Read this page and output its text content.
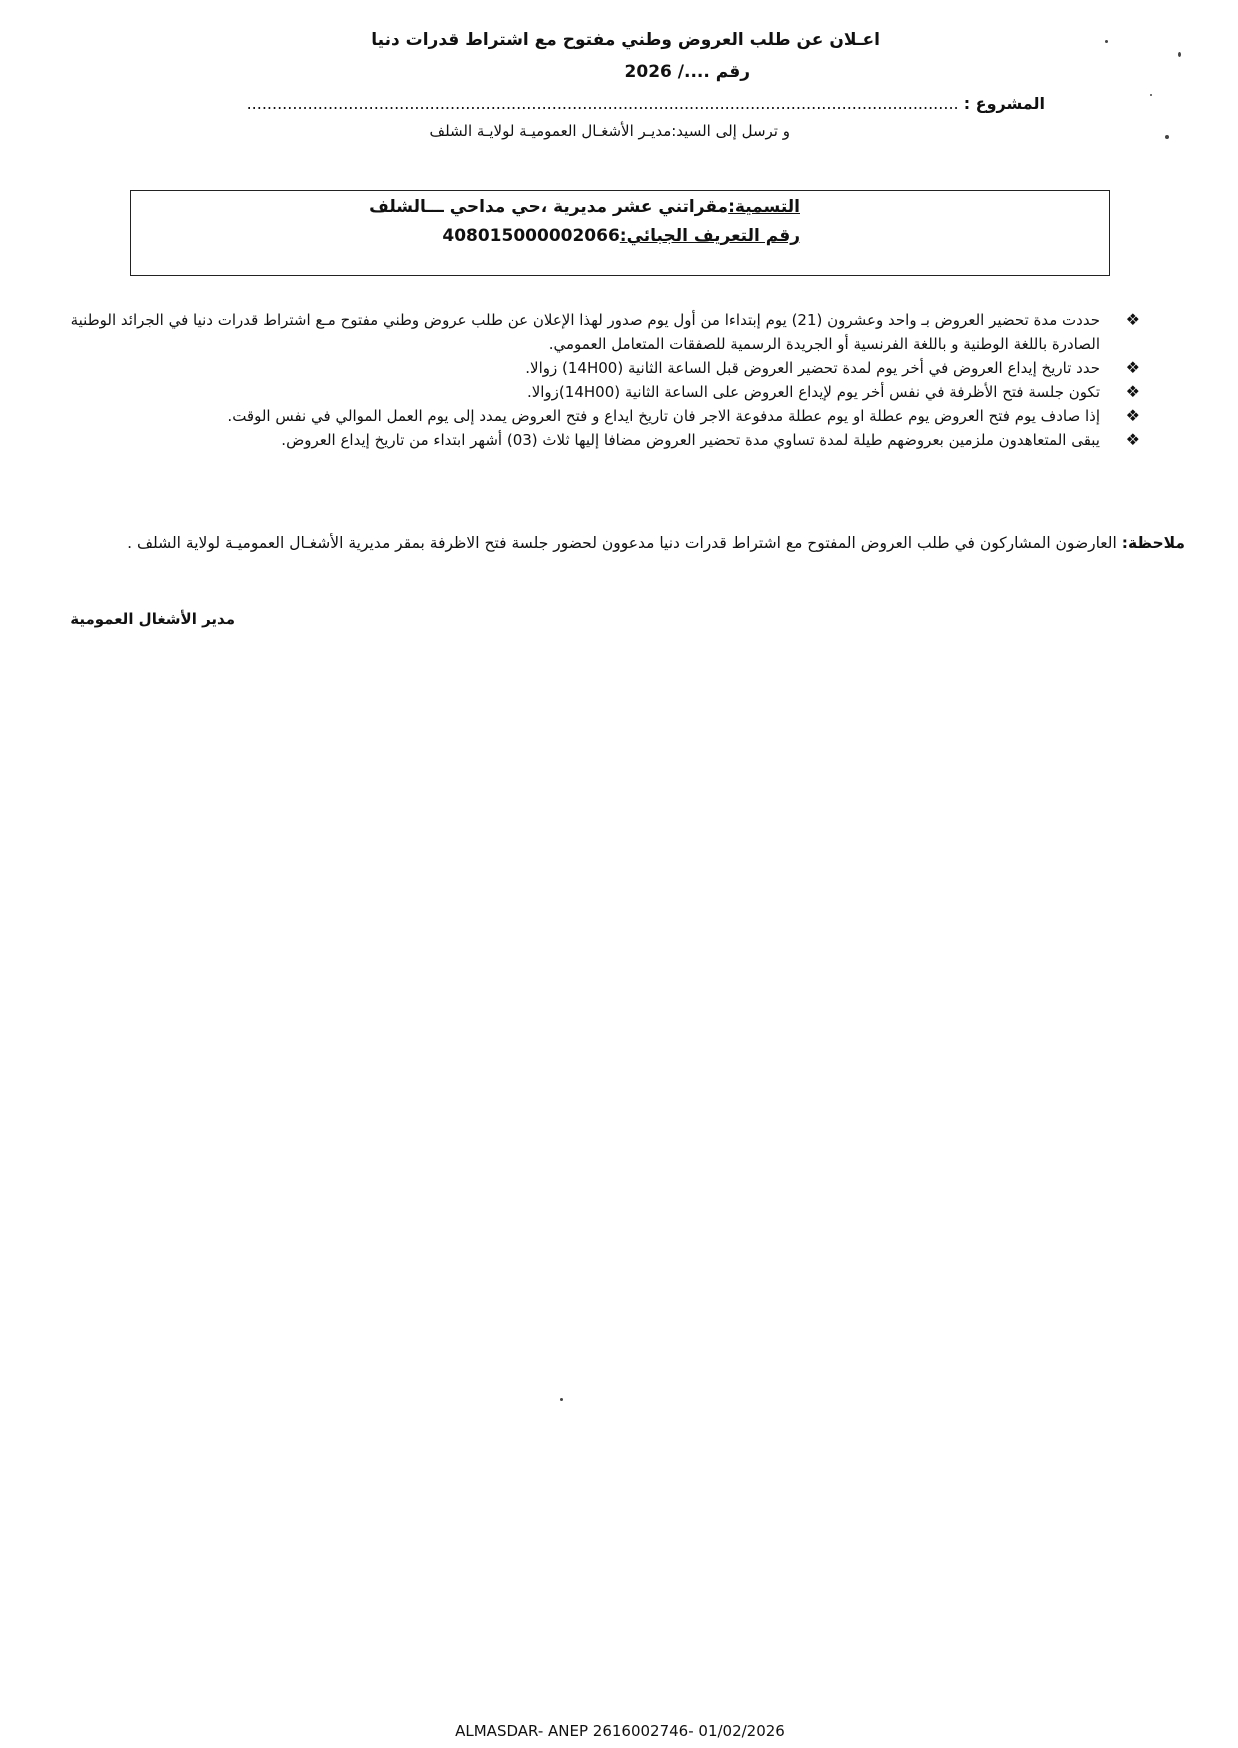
اعـلان عن طلب العروض وطني مفتوح مع اشتراط قدرات دنيا
رقم ..../ 2026
المشروع : ............................................................................................................................................
و ترسل إلى السيد:مديـر الأشغـال العموميـة لولايـة الشلف
التسمية:مقراتني عشر مديرية ،حي مداحي ـــالشلف
رقم التعريف الجبائي:408015000002066
❖
حددت مدة تحضير العروض بـ واحد وعشرون (21) يوم إبتداءا من أول يوم صدور لهذا الإعلان عن طلب عروض وطني مفتوح مـع اشتراط قدرات دنيا في الجرائد الوطنية الصادرة باللغة الوطنية و باللغة الفرنسية أو الجريدة الرسمية للصفقات المتعامل العمومي.
❖
حدد تاريخ إيداع العروض في أخر يوم لمدة تحضير العروض قبل الساعة الثانية (14H00) زوالا.
❖
تكون جلسة فتح الأظرفة في نفس أخر يوم لإيداع العروض على الساعة الثانية (14H00)زوالا.
❖
إذا صادف يوم فتح العروض يوم عطلة او يوم عطلة مدفوعة الاجر فان تاريخ ايداع و فتح العروض يمدد إلى يوم العمل الموالي في نفس الوقت.
❖
يبقى المتعاهدون ملزمين بعروضهم طيلة لمدة تساوي مدة تحضير العروض مضافا إليها ثلاث (03) أشهر ابتداء من تاريخ إيداع العروض.
ملاحظة: العارضون المشاركون في طلب العروض المفتوح مع اشتراط قدرات دنيا مدعوون لحضور جلسة فتح الاظرفة بمقر مديرية الأشغـال العموميـة لولاية الشلف .
مدير الأشغال العمومية
ALMASDAR- ANEP 2616002746- 01/02/2026
